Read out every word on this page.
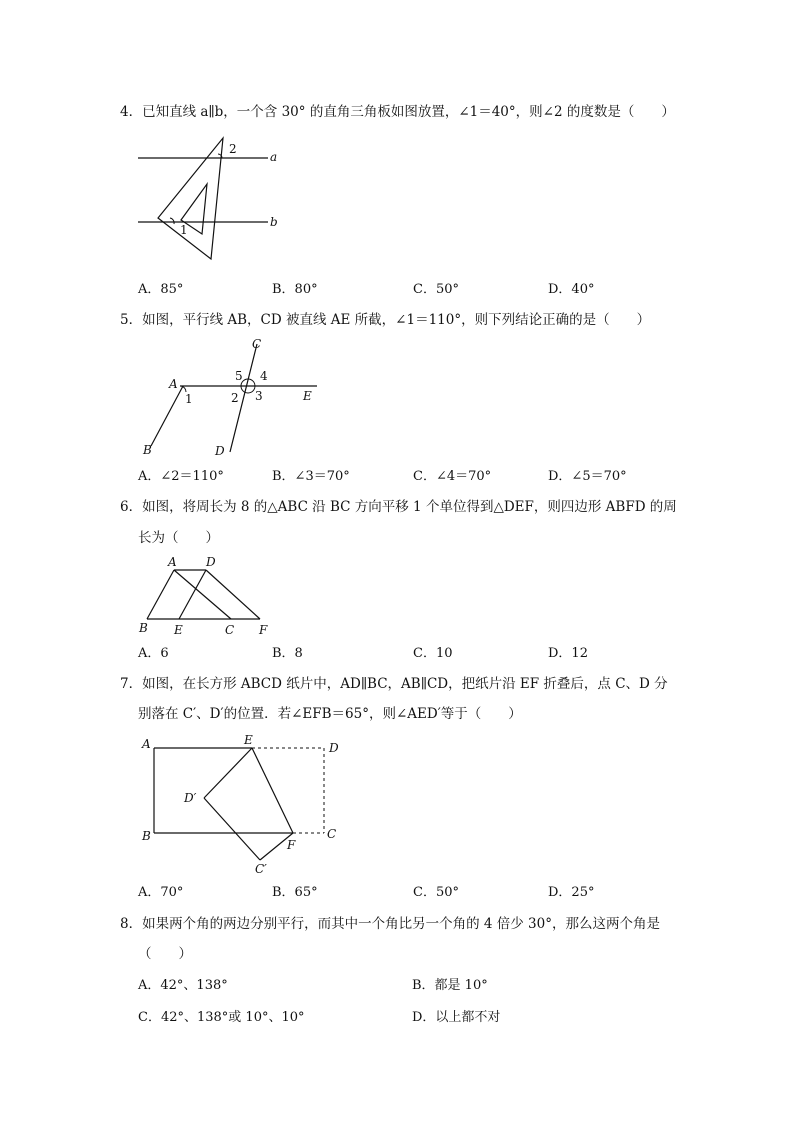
4．已知直线 a∥b，一个含 30° 的直角三角板如图放置，∠1＝40°，则∠2 的度数是（　　）
2
a
b
1
A．85°	B．80°	C．50°	D．40°
5．如图，平行线 AB，CD 被直线 AE 所截，∠1＝110°，则下列结论正确的是（　　）
C
A
5 4
1	2 3	E
B	D
A．∠2＝110°	B．∠3＝70°	C．∠4＝70°	D．∠5＝70°
6．如图，将周长为 8 的△ABC 沿 BC 方向平移 1 个单位得到△DEF，则四边形 ABFD 的周
长为（　　）
A D
B E	C F
A．6	B．8	C．10	D．12
7．如图，在长方形 ABCD 纸片中，AD∥BC，AB∥CD，把纸片沿 EF 折叠后，点 C、D 分
别落在 C′、D′的位置．若∠EFB＝65°，则∠AED′等于（　　）
A	E
D
D′
B	C
F
C′
A．70°	B．65°	C．50°	D．25°
8．如果两个角的两边分别平行，而其中一个角比另一个角的 4 倍少 30°，那么这两个角是
（　　）
A．42°、138°	B．都是 10°
C．42°、138°或 10°、10°	D．以上都不对
